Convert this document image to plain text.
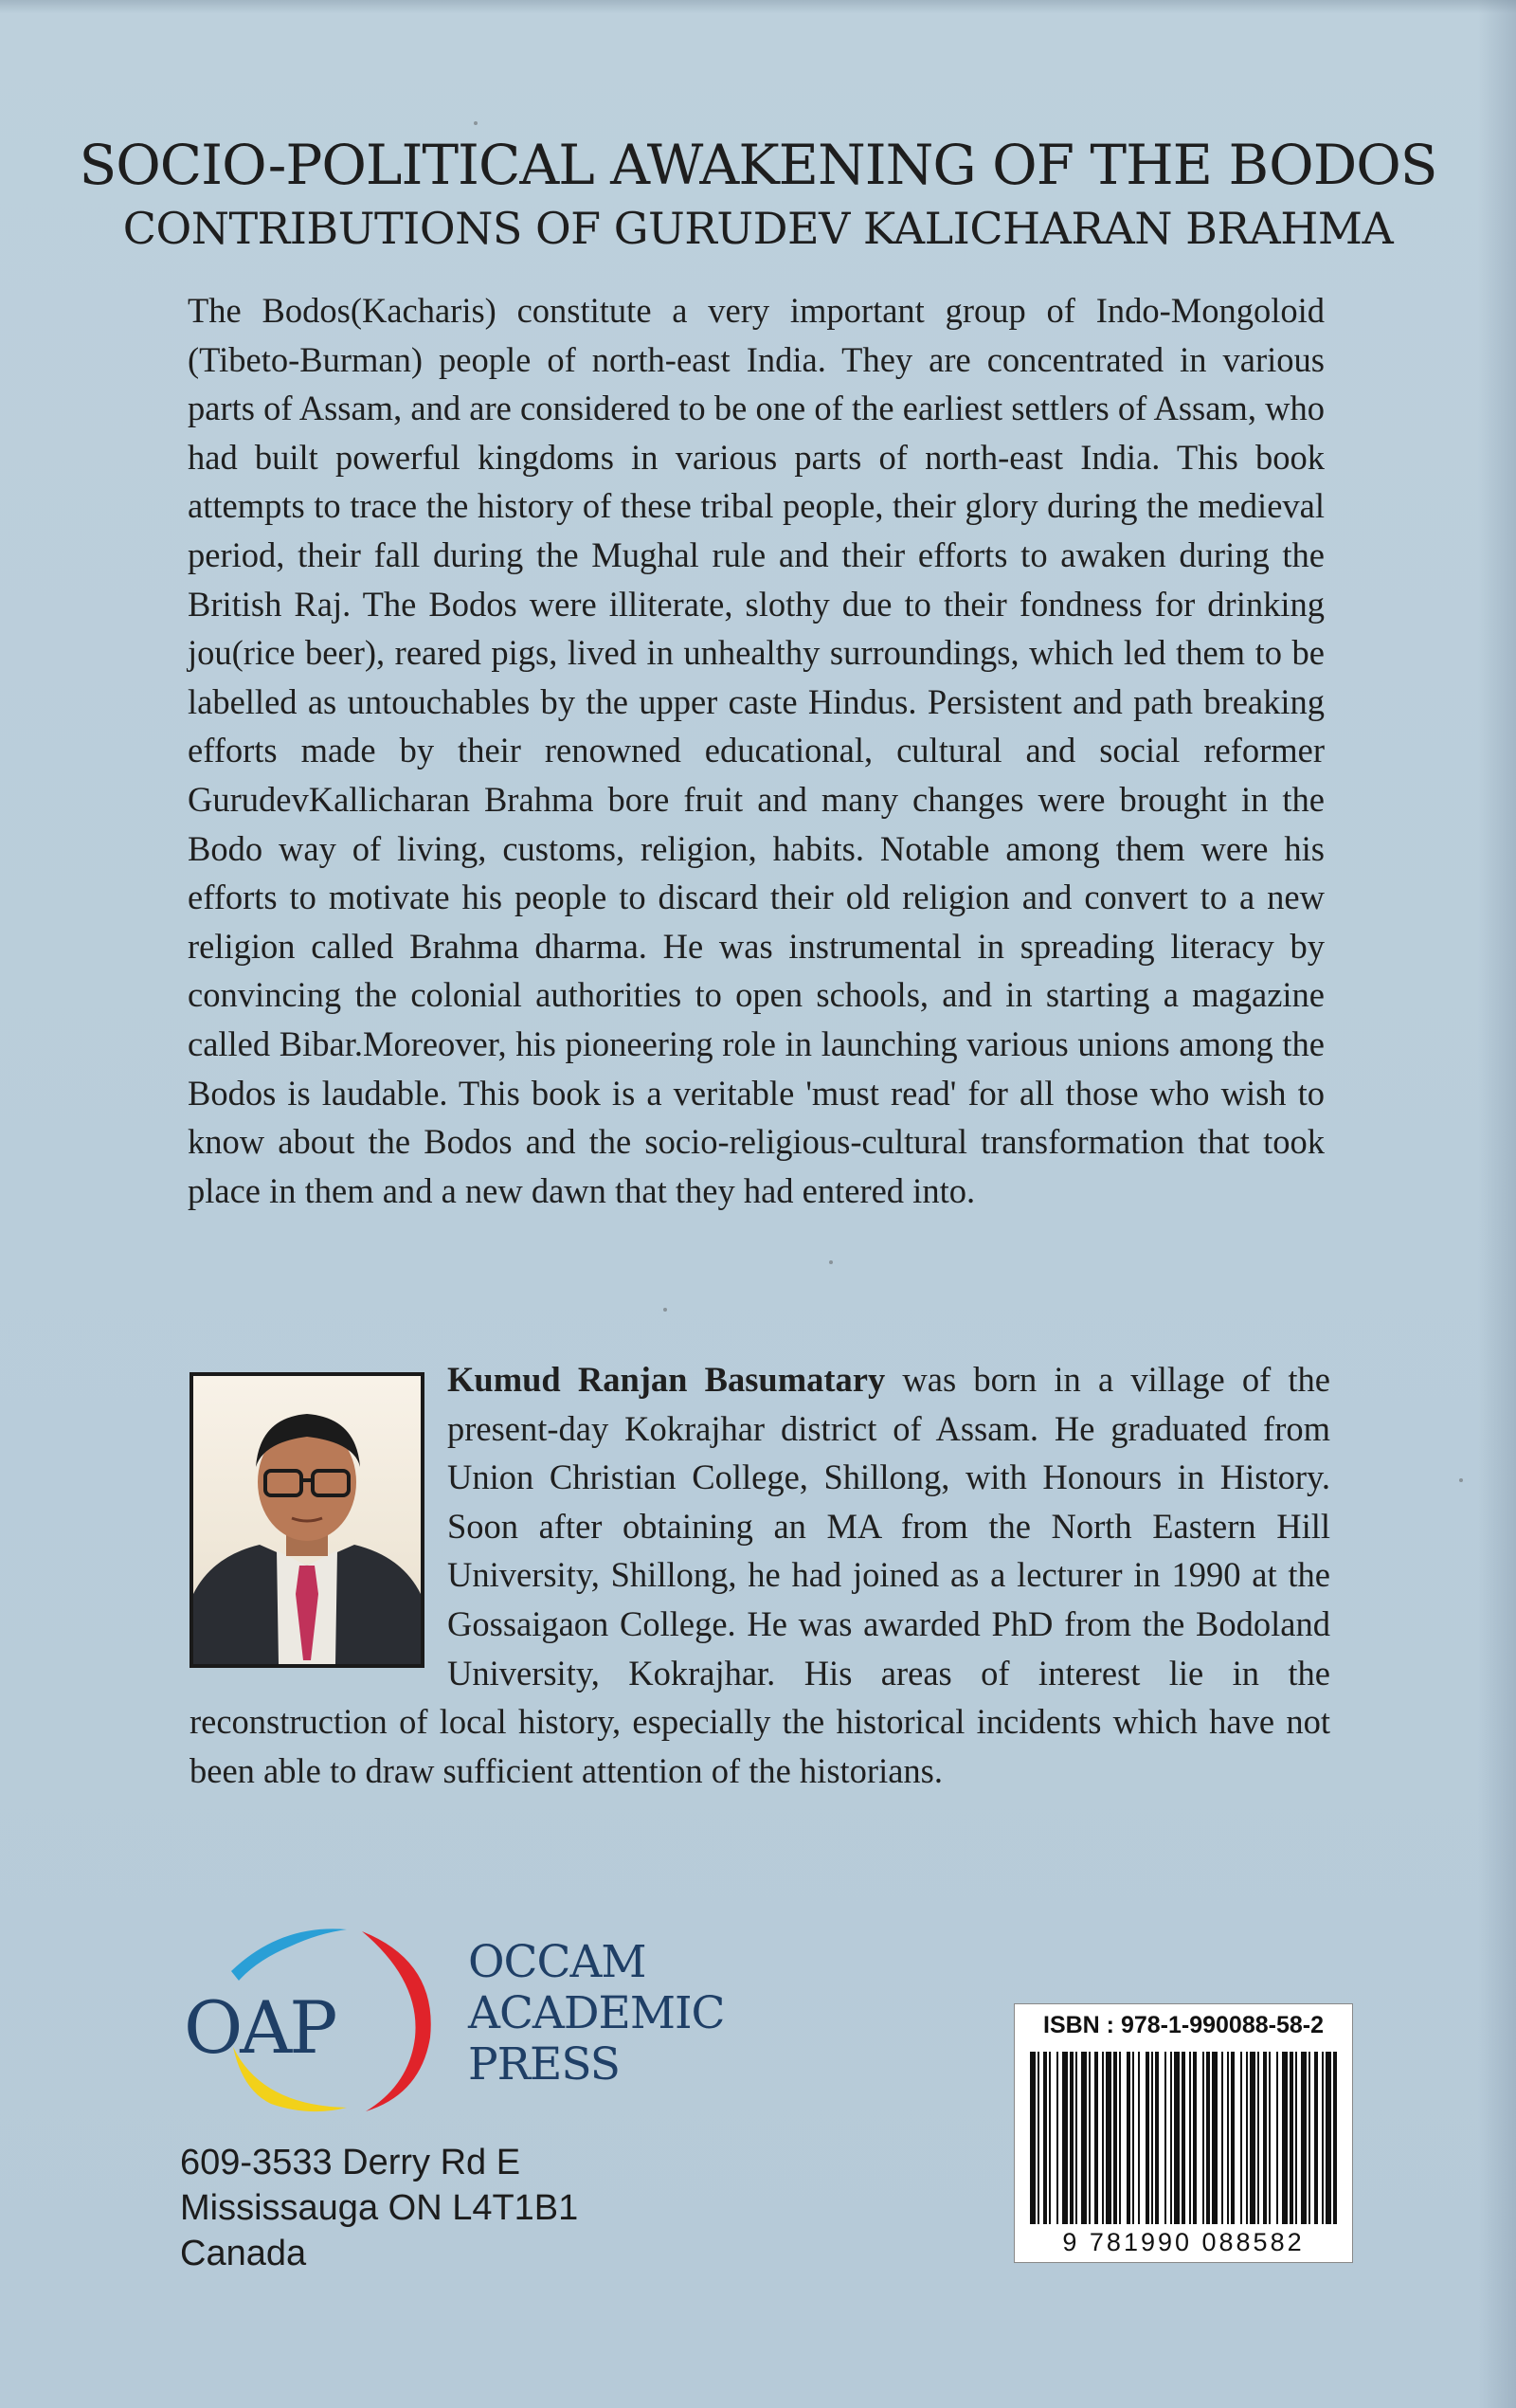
SOCIO-POLITICAL AWAKENING OF THE BODOS
CONTRIBUTIONS OF GURUDEV KALICHARAN BRAHMA
The Bodos(Kacharis) constitute a very important group of Indo-Mongoloid (Tibeto-Burman) people of north-east India. They are concentrated in various parts of Assam, and are considered to be one of the earliest settlers of Assam, who had built powerful kingdoms in various parts of north-east India. This book attempts to trace the history of these tribal people, their glory during the medieval period, their fall during the Mughal rule and their efforts to awaken during the British Raj. The Bodos were illiterate, slothy due to their fondness for drinking jou(rice beer), reared pigs, lived in unhealthy surroundings, which led them to be labelled as untouchables by the upper caste Hindus. Persistent and path breaking efforts made by their renowned educational, cultural and social reformer GurudevKallicharan Brahma bore fruit and many changes were brought in the Bodo way of living, customs, religion, habits. Notable among them were his efforts to motivate his people to discard their old religion and convert to a new religion called Brahma dharma. He was instrumental in spreading literacy by convincing the colonial authorities to open schools, and in starting a magazine called Bibar.Moreover, his pioneering role in launching various unions among the Bodos is laudable. This book is a veritable 'must read' for all those who wish to know about the Bodos and the socio-religious-cultural transformation that took place in them and a new dawn that they had entered into.
Kumud Ranjan Basumatary was born in a village of the present-day Kokrajhar district of Assam. He graduated from Union Christian College, Shillong, with Honours in History. Soon after obtaining an MA from the North Eastern Hill University, Shillong, he had joined as a lecturer in 1990 at the Gossaigaon College. He was awarded PhD from the Bodoland University, Kokrajhar. His areas of interest lie in the reconstruction of local history, especially the historical incidents which have not been able to draw sufficient attention of the historians.
OAP
OCCAM
ACADEMIC
PRESS
609-3533 Derry Rd E
Mississauga ON L4T1B1
Canada
ISBN : 978-1-990088-58-2
9 781990 088582
